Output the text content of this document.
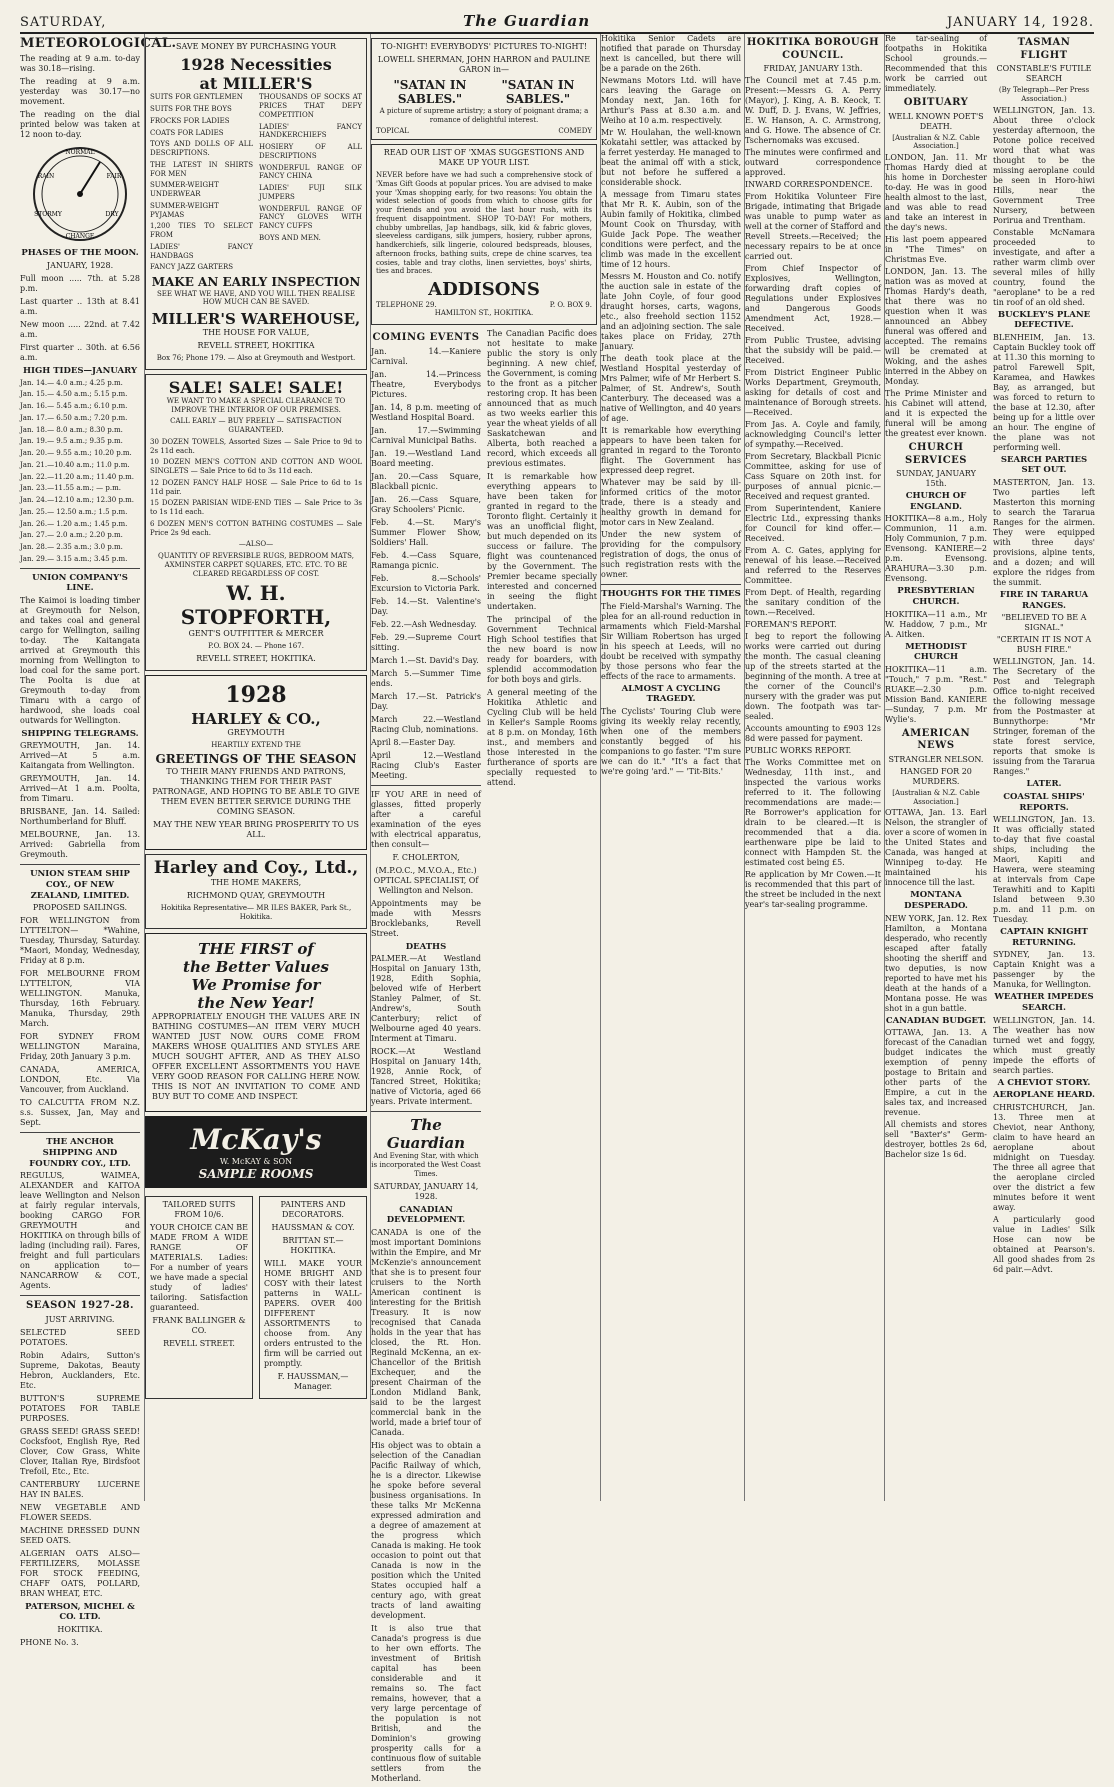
SATURDAY,	The Guardian	JANUARY 14, 1928.
METEOROLOGICAL.

The reading at 9 a.m. to-day was 30.18—rising.

The reading at 9 a.m. yesterday was 30.17—no movement.

The reading on the dial printed below was taken at 12 noon to-day.

NORMAL
FAIR
CHANGE
RAIN
STORMY	DRY
PHASES OF THE MOON.

JANUARY, 1928.

Full moon ..... 7th. at 5.28 p.m.

Last quarter .. 13th at 8.41 a.m.

New moon ..... 22nd. at 7.42 a.m.

First quarter .. 30th. at 6.56 a.m.

HIGH TIDES—JANUARY

Jan. 14.— 4.0 a.m.; 4.25 p.m.

Jan. 15.— 4.50 a.m.; 5.15 p.m.

Jan. 16.— 5.45 a.m.; 6.10 p.m.

Jan. 17.— 6.50 a.m.; 7.20 p.m.

Jan. 18.— 8.0 a.m.; 8.30 p.m.

Jan. 19.— 9.5 a.m.; 9.35 p.m.

Jan. 20.— 9.55 a.m.; 10.20 p.m.

Jan. 21.—10.40 a.m.; 11.0 p.m.

Jan. 22.—11.20 a.m.; 11.40 p.m.

Jan. 23.—11.55 a.m.; — p.m.

Jan. 24.—12.10 a.m.; 12.30 p.m.

Jan. 25.— 12.50 a.m.; 1.5 p.m.

Jan. 26.— 1.20 a.m.; 1.45 p.m.

Jan. 27.— 2.0 a.m.; 2.20 p.m.

Jan. 28.— 2.35 a.m.; 3.0 p.m.

Jan. 29.— 3.15 a.m.; 3.45 p.m.

UNION COMPANY'S LINE.

The Kaimoi is loading timber at Greymouth for Nelson, and takes coal and general cargo for Wellington, sailing to-day. The Kaitangata arrived at Greymouth this morning from Wellington to load coal for the same port. The Poolta is due at Greymouth to-day from Timaru with a cargo of hardwood, she loads coal outwards for Wellington.

SHIPPING TELEGRAMS.

GREYMOUTH, Jan. 14. Arrived—At 5 a.m. Kaitangata from Wellington.

GREYMOUTH, Jan. 14. Arrived—At 1 a.m. Poolta, from Timaru.

BRISBANE, Jan. 14. Sailed: Northumberland for Bluff.

MELBOURNE, Jan. 13. Arrived: Gabriella from Greymouth.

UNION STEAM SHIP COY., OF NEW ZEALAND, LIMITED.

PROPOSED SAILINGS.

FOR WELLINGTON from LYTTELTON— *Wahine, Tuesday, Thursday, Saturday. *Maori, Monday, Wednesday, Friday at 8 p.m.

FOR MELBOURNE FROM LYTTELTON, VIA WELLINGTON. Manuka, Thursday, 16th February. Manuka, Thursday, 29th March.

FOR SYDNEY FROM WELLINGTON Maraina, Friday, 20th January 3 p.m.

CANADA, AMERICA, LONDON, Etc. Via Vancouver, from Auckland.

TO CALCUTTA FROM N.Z. s.s. Sussex, Jan, May and Sept.

THE ANCHOR SHIPPING AND FOUNDRY COY., LTD.

REGULUS, WAIMEA, ALEXANDER and KAITOA leave Wellington and Nelson at fairly regular intervals, booking CARGO FOR GREYMOUTH and HOKITIKA on through bills of lading (including rail). Fares, freight and full particulars on application to— NANCARROW & COT., Agents.

SEASON 1927-28.

JUST ARRIVING.

SELECTED SEED POTATOES.

Robin Adairs, Sutton's Supreme, Dakotas, Beauty Hebron, Aucklanders, Etc. Etc.

BUTTON'S SUPREME POTATOES FOR TABLE PURPOSES.

GRASS SEED! GRASS SEED! Cocksfoot, English Rye, Red Clover, Cow Grass, White Clover, Italian Rye, Birdsfoot Trefoil, Etc., Etc.

CANTERBURY LUCERNE HAY IN BALES.

NEW VEGETABLE AND FLOWER SEEDS.

MACHINE DRESSED DUNN SEED OATS.

ALGERIAN OATS ALSO—FERTILIZERS, MOLASSE FOR STOCK FEEDING, CHAFF OATS, POLLARD, BRAN WHEAT, ETC.

PATERSON, MICHEL & CO. LTD.

HOKITIKA.

PHONE No. 3.

SAVE MONEY BY PURCHASING YOUR

1928 Necessities
at MILLER'S

SUITS FOR GENTLEMEN

SUITS FOR THE BOYS

FROCKS FOR LADIES

COATS FOR LADIES

TOYS AND DOLLS OF ALL DESCRIPTIONS.

THE LATEST IN SHIRTS FOR MEN

SUMMER-WEIGHT UNDERWEAR

SUMMER-WEIGHT PYJAMAS

1,200 TIES TO SELECT FROM

LADIES' FANCY HANDBAGS

FANCY JAZZ GARTERS

THOUSANDS OF SOCKS AT PRICES THAT DEFY COMPETITION

LADIES' FANCY HANDKERCHIEFS

HOSIERY OF ALL DESCRIPTIONS

WONDERFUL RANGE OF FANCY CHINA

LADIES' FUJI SILK JUMPERS

WONDERFUL RANGE OF FANCY GLOVES WITH FANCY CUFFS

BOYS AND MEN.

MAKE AN EARLY INSPECTION

SEE WHAT WE HAVE, AND YOU WILL THEN REALISE HOW MUCH CAN BE SAVED.

MILLER'S WAREHOUSE,

THE HOUSE FOR VALUE,

REVELL STREET, HOKITIKA

Box 76; Phone 179. — Also at Greymouth and Westport.

SALE! SALE! SALE!

WE WANT TO MAKE A SPECIAL CLEARANCE TO IMPROVE THE INTERIOR OF OUR PREMISES.

CALL EARLY — BUY FREELY — SATISFACTION GUARANTEED.

30 DOZEN TOWELS, Assorted Sizes — Sale Price to 9d to 2s 11d each.

10 DOZEN MEN'S COTTON AND COTTON AND WOOL SINGLETS — Sale Price to 6d to 3s 11d each.

12 DOZEN FANCY HALF HOSE — Sale Price to 6d to 1s 11d pair.

15 DOZEN PARISIAN WIDE-END TIES — Sale Price to 3s to 1s 11d each.

6 DOZEN MEN'S COTTON BATHING COSTUMES — Sale Price 2s 9d each.

—ALSO—

QUANTITY OF REVERSIBLE RUGS, BEDROOM MATS, AXMINSTER CARPET SQUARES, ETC. ETC. TO BE CLEARED REGARDLESS OF COST.

W. H. STOPFORTH,

GENT'S OUTFITTER & MERCER

P.O. BOX 24. — Phone 167.

REVELL STREET, HOKITIKA.

1928
HARLEY & CO.,

GREYMOUTH

HEARTILY EXTEND THE

GREETINGS OF THE SEASON

TO THEIR MANY FRIENDS AND PATRONS, THANKING THEM FOR THEIR PAST PATRONAGE, AND HOPING TO BE ABLE TO GIVE THEM EVEN BETTER SERVICE DURING THE COMING SEASON.

MAY THE NEW YEAR BRING PROSPERITY TO US ALL.

Harley and Coy., Ltd.,

THE HOME MAKERS,

RICHMOND QUAY, GREYMOUTH

Hokitika Representative— MR ILES BAKER, Park St., Hokitika.

THE FIRST of
the Better Values
We Promise for
the New Year!

APPROPRIATELY ENOUGH THE VALUES ARE IN BATHING COSTUMES—AN ITEM VERY MUCH WANTED JUST NOW. OURS COME FROM MAKERS WHOSE QUALITIES AND STYLES ARE MUCH SOUGHT AFTER, AND AS THEY ALSO OFFER EXCELLENT ASSORTMENTS YOU HAVE VERY GOOD REASON FOR CALLING HERE NOW. THIS IS NOT AN INVITATION TO COME AND BUY BUT TO COME AND INSPECT.

McKay's
W. McKAY & SON
SAMPLE ROOMS

TAILORED SUITS FROM 10/6.

YOUR CHOICE CAN BE MADE FROM A WIDE RANGE OF MATERIALS. Ladies: For a number of years we have made a special study of ladies' tailoring. Satisfaction guaranteed.

FRANK BALLINGER & CO.

REVELL STREET.

PAINTERS AND DECORATORS.

HAUSSMAN & COY.

BRITTAN ST.—HOKITIKA.

WILL MAKE YOUR HOME BRIGHT AND COSY with their latest patterns in WALL-PAPERS. OVER 400 DIFFERENT ASSORTMENTS to choose from. Any orders entrusted to the firm will be carried out promptly.

F. HAUSSMAN,—Manager.

TO-NIGHT! EVERYBODYS' PICTURES TO-NIGHT!

LOWELL SHERMAN, JOHN HARRON and PAULINE GARON in—

"SATAN IN SABLES."
"SATAN IN SABLES."

A picture of supreme artistry; a story of poignant drama; a romance of delightful interest.

TOPICAL	COMEDY

READ OUR LIST OF 'XMAS SUGGESTIONS AND MAKE UP YOUR LIST.

NEVER before have we had such a comprehensive stock of 'Xmas Gift Goods at popular prices. You are advised to make your 'Xmas shopping early, for two reasons: You obtain the widest selection of goods from which to choose gifts for your friends and you avoid the last hour rush, with its frequent disappointment. SHOP TO-DAY! For mothers, chubby umbrellas, Jap handbags, silk, kid & fabric gloves, sleeveless cardigans, silk jumpers, hosiery, rubber aprons, handkerchiefs, silk lingerie, coloured bedspreads, blouses, afternoon frocks, bathing suits, crepe de chine scarves, tea cosies, table and tray cloths, linen serviettes, boys' shirts, ties and braces.

ADDISONS
TELEPHONE 29.	P. O. BOX 9.

HAMILTON ST., HOKITIKA.

COMING EVENTS

Jan. 14.—Kaniere Carnival.

Jan. 14.—Princess Theatre, Everybodys Pictures.

Jan. 14, 8 p.m. meeting of Westland Hospital Board.

Jan. 17.—Swimming Carnival Municipal Baths.

Jan. 19.—Westland Land Board meeting.

Jan. 20.—Cass Square, Blackball picnic.

Jan. 26.—Cass Square, Gray Schoolers' Picnic.

Feb. 4.—St. Mary's Summer Flower Show, Soldiers' Hall.

Feb. 4.—Cass Square, Ramanga picnic.

Feb. 8.—Schools' Excursion to Victoria Park.

Feb. 14.—St. Valentine's Day.

Feb. 22.—Ash Wednesday.

Feb. 29.—Supreme Court sitting.

March 1.—St. David's Day.

March 5.—Summer Time ends.

March 17.—St. Patrick's Day.

March 22.—Westland Racing Club, nominations.

April 8.—Easter Day.

April 12.—Westland Racing Club's Easter Meeting.

IF YOU ARE in need of glasses, fitted properly after a careful examination of the eyes with electrical apparatus, then consult—

F. CHOLERTON,

(M.P.O.C., M.V.O.A., Etc.) OPTICAL SPECIALIST, Of Wellington and Nelson.

Appointments may be made with Messrs Brocklebanks, Revell Street.

DEATHS

PALMER.—At Westland Hospital on January 13th, 1928, Edith Sophia, beloved wife of Herbert Stanley Palmer, of St. Andrew's, South Canterbury; relict of Welbourne aged 40 years. Interment at Timaru.

ROCK.—At Westland Hospital on January 14th, 1928, Annie Rock, of Tancred Street, Hokitika; native of Victoria, aged 66 years. Private interment.

The Guardian

And Evening Star, with which is incorporated the West Coast Times.

SATURDAY, JANUARY 14, 1928.

CANADIAN DEVELOPMENT.

CANADA is one of the most important Dominions within the Empire, and Mr McKenzie's announcement that she is to present four cruisers to the North American continent is interesting for the British Treasury. It is now recognised that Canada holds in the year that has closed, the Rt. Hon. Reginald McKenna, an ex-Chancellor of the British Exchequer, and the present Chairman of the London Midland Bank, said to be the largest commercial bank in the world, made a brief tour of Canada.

His object was to obtain a selection of the Canadian Pacific Railway of which, he is a director. Likewise he spoke before several business organisations. In these talks Mr McKenna expressed admiration and a degree of amazement at the progress which Canada is making. He took occasion to point out that Canada is now in the position which the United States occupied half a century ago, with great tracts of land awaiting development.

It is also true that Canada's progress is due to her own efforts. The investment of British capital has been considerable and it remains so. The fact remains, however, that a very large percentage of the population is not British, and the Dominion's growing prosperity calls for a continuous flow of suitable settlers from the Motherland.

The Canadian Pacific does not hesitate to make public the story is only beginning. A new chief, the Government, is coming to the front as a pitcher restoring crop. It has been announced that as much as two weeks earlier this year the wheat yields of all Saskatchewan and Alberta, both reached a record, which exceeds all previous estimates.

It is remarkable how everything appears to have been taken for granted in regard to the Toronto flight. Certainly it was an unofficial flight, but much depended on its success or failure. The flight was countenanced by the Government. The Premier became specially interested and concerned in seeing the flight undertaken.

The principal of the Government Technical High School testifies that the new board is now ready for boarders, with splendid accommodation for both boys and girls.

A general meeting of the Hokitika Athletic and Cycling Club will be held in Keller's Sample Rooms at 8 p.m. on Monday, 16th inst., and members and those interested in the furtherance of sports are specially requested to attend.

Hokitika Senior Cadets are notified that parade on Thursday next is cancelled, but there will be a parade on the 26th.

Newmans Motors Ltd. will have cars leaving the Garage on Monday next, Jan. 16th for Arthur's Pass at 8.30 a.m. and Weiho at 10 a.m. respectively.

Mr W. Houlahan, the well-known Kokatahi settler, was attacked by a ferret yesterday. He managed to beat the animal off with a stick, but not before he suffered a considerable shock.

A message from Timaru states that Mr R. K. Aubin, son of the Aubin family of Hokitika, climbed Mount Cook on Thursday, with Guide Jack Pope. The weather conditions were perfect, and the climb was made in the excellent time of 12 hours.

Messrs M. Houston and Co. notify the auction sale in estate of the late John Coyle, of four good draught horses, carts, wagons, etc., also freehold section 1152 and an adjoining section. The sale takes place on Friday, 27th January.

The death took place at the Westland Hospital yesterday of Mrs Palmer, wife of Mr Herbert S. Palmer, of St. Andrew's, South Canterbury. The deceased was a native of Wellington, and 40 years of age.

It is remarkable how everything appears to have been taken for granted in regard to the Toronto flight. The Government has expressed deep regret.

Whatever may be said by ill-informed critics of the motor trade, there is a steady and healthy growth in demand for motor cars in New Zealand.

Under the new system of providing for the compulsory registration of dogs, the onus of such registration rests with the owner.

THOUGHTS FOR THE TIMES

The Field-Marshal's Warning. The plea for an all-round reduction in armaments which Field-Marshal Sir William Robertson has urged in his speech at Leeds, will no doubt be received with sympathy by those persons who fear the effects of the race to armaments.

ALMOST A CYCLING TRAGEDY.

The Cyclists' Touring Club were giving its weekly relay recently, when one of the members constantly begged of his companions to go faster. "I'm sure we can do it." "It's a fact that we're going 'ard." — 'Tit-Bits.'

HOKITIKA BOROUGH COUNCIL.

FRIDAY, JANUARY 13th.

The Council met at 7.45 p.m. Present:—Messrs G. A. Perry (Mayor), J. King, A. B. Keock, T. W. Duff, D. J. Evans, W. Jeffries, E. W. Hanson, A. C. Armstrong, and G. Howe. The absence of Cr. Tschernomaks was excused.

The minutes were confirmed and outward correspondence approved.

INWARD CORRESPONDENCE.

From Hokitika Volunteer Fire Brigade, intimating that Brigade was unable to pump water as well at the corner of Stafford and Revell Streets.—Received; the necessary repairs to be at once carried out.

From Chief Inspector of Explosives, Wellington, forwarding draft copies of Regulations under Explosives and Dangerous Goods Amendment Act, 1928.—Received.

From Public Trustee, advising that the subsidy will be paid.—Received.

From District Engineer Public Works Department, Greymouth, asking for details of cost and maintenance of Borough streets.—Received.

From Jas. A. Coyle and family, acknowledging Council's letter of sympathy.—Received.

From Secretary, Blackball Picnic Committee, asking for use of Cass Square on 20th inst. for purposes of annual picnic.—Received and request granted.

From Superintendent, Kaniere Electric Ltd., expressing thanks for Council for kind offer.—Received.

From A. C. Gates, applying for renewal of his lease.—Received and referred to the Reserves Committee.

From Dept. of Health, regarding the sanitary condition of the town.—Received.

FOREMAN'S REPORT.

I beg to report the following works were carried out during the month. The casual cleaning up of the streets started at the beginning of the month. A tree at the corner of the Council's nursery with the grader was put down. The footpath was tar-sealed.

Accounts amounting to £903 12s 8d were passed for payment.

PUBLIC WORKS REPORT.

The Works Committee met on Wednesday, 11th inst., and inspected the various works referred to it. The following recommendations are made:— Re Borrower's application for drain to be cleared.—It is recommended that a dia. earthenware pipe be laid to connect with Hampden St. the estimated cost being £5.

Re application by Mr Cowen.—It is recommended that this part of the street be included in the next year's tar-sealing programme.

Re tar-sealing of footpaths in Hokitika School grounds.—Recommended that this work be carried out immediately.

OBITUARY

WELL KNOWN POET'S DEATH.

[Australian & N.Z. Cable Association.]

LONDON, Jan. 11. Mr Thomas Hardy died at his home in Dorchester to-day. He was in good health almost to the last, and was able to read and take an interest in the day's news.

His last poem appeared in "The Times" on Christmas Eve.

LONDON, Jan. 13. The nation was as moved at Thomas Hardy's death, that there was no question when it was announced an Abbey funeral was offered and accepted. The remains will be cremated at Woking, and the ashes interred in the Abbey on Monday.

The Prime Minister and his Cabinet will attend, and it is expected the funeral will be among the greatest ever known.

CHURCH SERVICES

SUNDAY, JANUARY 15th.

CHURCH OF ENGLAND.

HOKITIKA—8 a.m., Holy Communion, 11 a.m. Holy Communion, 7 p.m. Evensong. KANIERE—2 p.m. Evensong. ARAHURA—3.30 p.m. Evensong.

PRESBYTERIAN CHURCH.

HOKITIKA—11 a.m., Mr W. Haddow, 7 p.m., Mr A. Aitken.

METHODIST CHURCH

HOKITIKA—11 a.m. "Touch," 7 p.m. "Rest." RUAKE—2.30 p.m. Mission Band. KANIERE—Sunday, 7 p.m. Mr Wylie's.

AMERICAN NEWS

STRANGLER NELSON.

HANGED FOR 20 MURDERS.

[Australian & N.Z. Cable Association.]

OTTAWA, Jan. 13. Earl Nelson, the strangler of over a score of women in the United States and Canada, was hanged at Winnipeg to-day. He maintained his innocence till the last.

MONTANA DESPERADO.

NEW YORK, Jan. 12. Rex Hamilton, a Montana desperado, who recently escaped after fatally shooting the sheriff and two deputies, is now reported to have met his death at the hands of a Montana posse. He was shot in a gun battle.

CANADIAN BUDGET.

OTTAWA, Jan. 13. A forecast of the Canadian budget indicates the exemption of penny postage to Britain and other parts of the Empire, a cut in the sales tax, and increased revenue.

All chemists and stores sell "Baxter's" Germ-destroyer, bottles 2s 6d, Bachelor size 1s 6d.

TASMAN FLIGHT

CONSTABLE'S FUTILE SEARCH

(By Telegraph—Per Press Association.)

WELLINGTON, Jan. 13. About three o'clock yesterday afternoon, the Potone police received word that what was thought to be the missing aeroplane could be seen in Horo-hiwi Hills, near the Government Tree Nursery, between Porirua and Trentham.

Constable McNamara proceeded to investigate, and after a rather warm climb over several miles of hilly country, found the "aeroplane" to be a red tin roof of an old shed.

BUCKLEY'S PLANE DEFECTIVE.

BLENHEIM, Jan. 13. Captain Buckley took off at 11.30 this morning to patrol Farewell Spit, Karamea, and Hawkes Bay, as arranged, but was forced to return to the base at 12.30, after being up for a little over an hour. The engine of the plane was not performing well.

SEARCH PARTIES SET OUT.

MASTERTON, Jan. 13. Two parties left Masterton this morning to search the Tararua Ranges for the airmen. They were equipped with three days' provisions, alpine tents, and a dozen; and will explore the ridges from the summit.

FIRE IN TARARUA RANGES.

"BELIEVED TO BE A SIGNAL."

"CERTAIN IT IS NOT A BUSH FIRE."

WELLINGTON, Jan. 14. The Secretary of the Post and Telegraph Office to-night received the following message from the Postmaster at Bunnythorpe: "Mr Stringer, foreman of the state forest service, reports that smoke is issuing from the Tararua Ranges."

LATER.
COASTAL SHIPS' REPORTS.

WELLINGTON, Jan. 13. It was officially stated to-day that five coastal ships, including the Maori, Kapiti and Hawera, were steaming at intervals from Cape Terawhiti and to Kapiti Island between 9.30 p.m. and 11 p.m. on Tuesday.

CAPTAIN KNIGHT RETURNING.

SYDNEY, Jan. 13. Captain Knight was a passenger by the Manuka, for Wellington.

WEATHER IMPEDES SEARCH.

WELLINGTON, Jan. 14. The weather has now turned wet and foggy, which must greatly impede the efforts of search parties.

A CHEVIOT STORY.
AEROPLANE HEARD.

CHRISTCHURCH, Jan. 13. Three men at Cheviot, near Anthony, claim to have heard an aeroplane about midnight on Tuesday. The three all agree that the aeroplane circled over the district a few minutes before it went away.

A particularly good value in Ladies' Silk Hose can now be obtained at Pearson's. All good shades from 2s 6d pair.—Advt.
